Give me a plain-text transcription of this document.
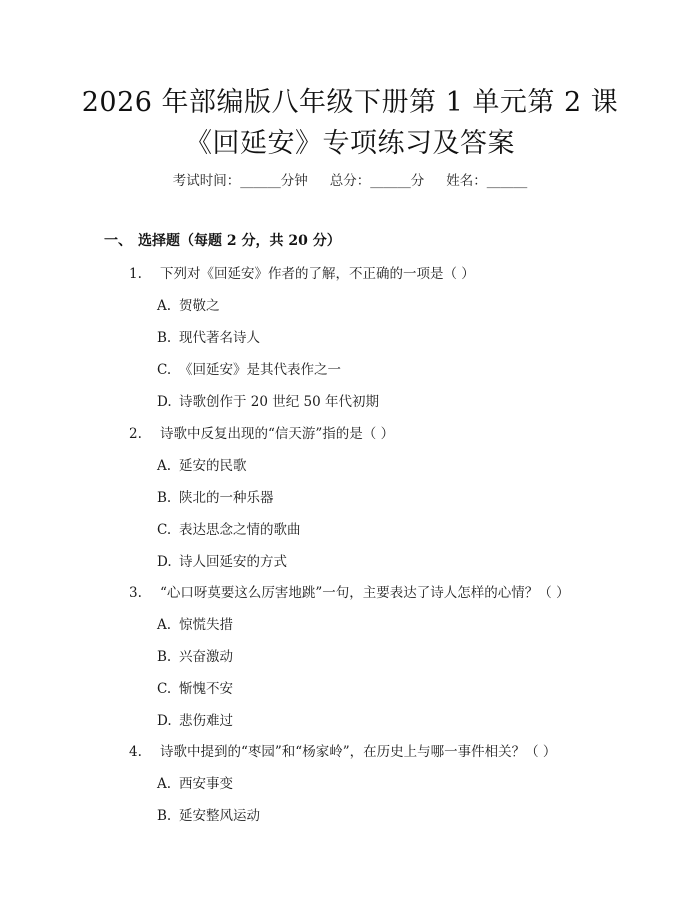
2026 年部编版八年级下册第 1 单元第 2 课
《回延安》专项练习及答案
考试时间：______分钟 总分：______分 姓名：______
一、 选择题（每题 2 分，共 20 分）
1. 下列对《回延安》作者的了解，不正确的一项是（ ）
A. 贺敬之
B. 现代著名诗人
C. 《回延安》是其代表作之一
D. 诗歌创作于 20 世纪 50 年代初期
2. 诗歌中反复出现的“信天游”指的是（ ）
A. 延安的民歌
B. 陕北的一种乐器
C. 表达思念之情的歌曲
D. 诗人回延安的方式
3. “心口呀莫要这么厉害地跳”一句，主要表达了诗人怎样的心情？（ ）
A. 惊慌失措
B. 兴奋激动
C. 惭愧不安
D. 悲伤难过
4. 诗歌中提到的“枣园”和“杨家岭”，在历史上与哪一事件相关？（ ）
A. 西安事变
B. 延安整风运动
